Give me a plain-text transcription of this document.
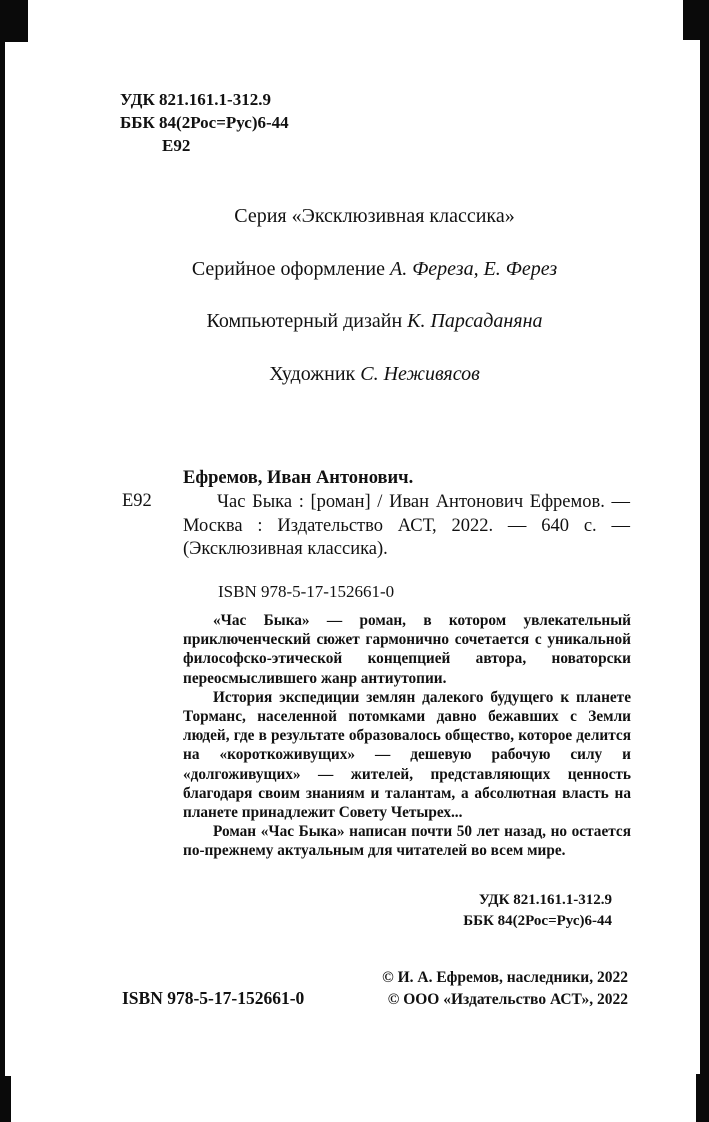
УДК 821.161.1-312.9
ББК 84(2Рос=Рус)6-44
Е92
Серия «Эксклюзивная классика»
Серийное оформление А. Фереза, Е. Ферез
Компьютерный дизайн К. Парсаданяна
Художник С. Неживясов
Ефремов, Иван Антонович.
Е92	Час Быка : [роман] / Иван Антонович Ефремов. — Москва : Издательство АСТ, 2022. — 640 с. — (Эксклюзивная классика).
ISBN 978-5-17-152661-0

«Час Быка» — роман, в котором увлекательный приключенческий сюжет гармонично сочетается с уникальной философско-этической концепцией автора, новаторски переосмыслившего жанр антиутопии.

История экспедиции землян далекого будущего к планете Торманс, населенной потомками давно бежавших с Земли людей, где в результате образовалось общество, которое делится на «короткоживущих» — дешевую рабочую силу и «долгоживущих» — жителей, представляющих ценность благодаря своим знаниям и талантам, а абсолютная власть на планете принадлежит Совету Четырех...

Роман «Час Быка» написан почти 50 лет назад, но остается по-прежнему актуальным для читателей во всем мире.

УДК 821.161.1-312.9
ББК 84(2Рос=Рус)6-44
ISBN 978-5-17-152661-0
© И. А. Ефремов, наследники, 2022
© ООО «Издательство АСТ», 2022
